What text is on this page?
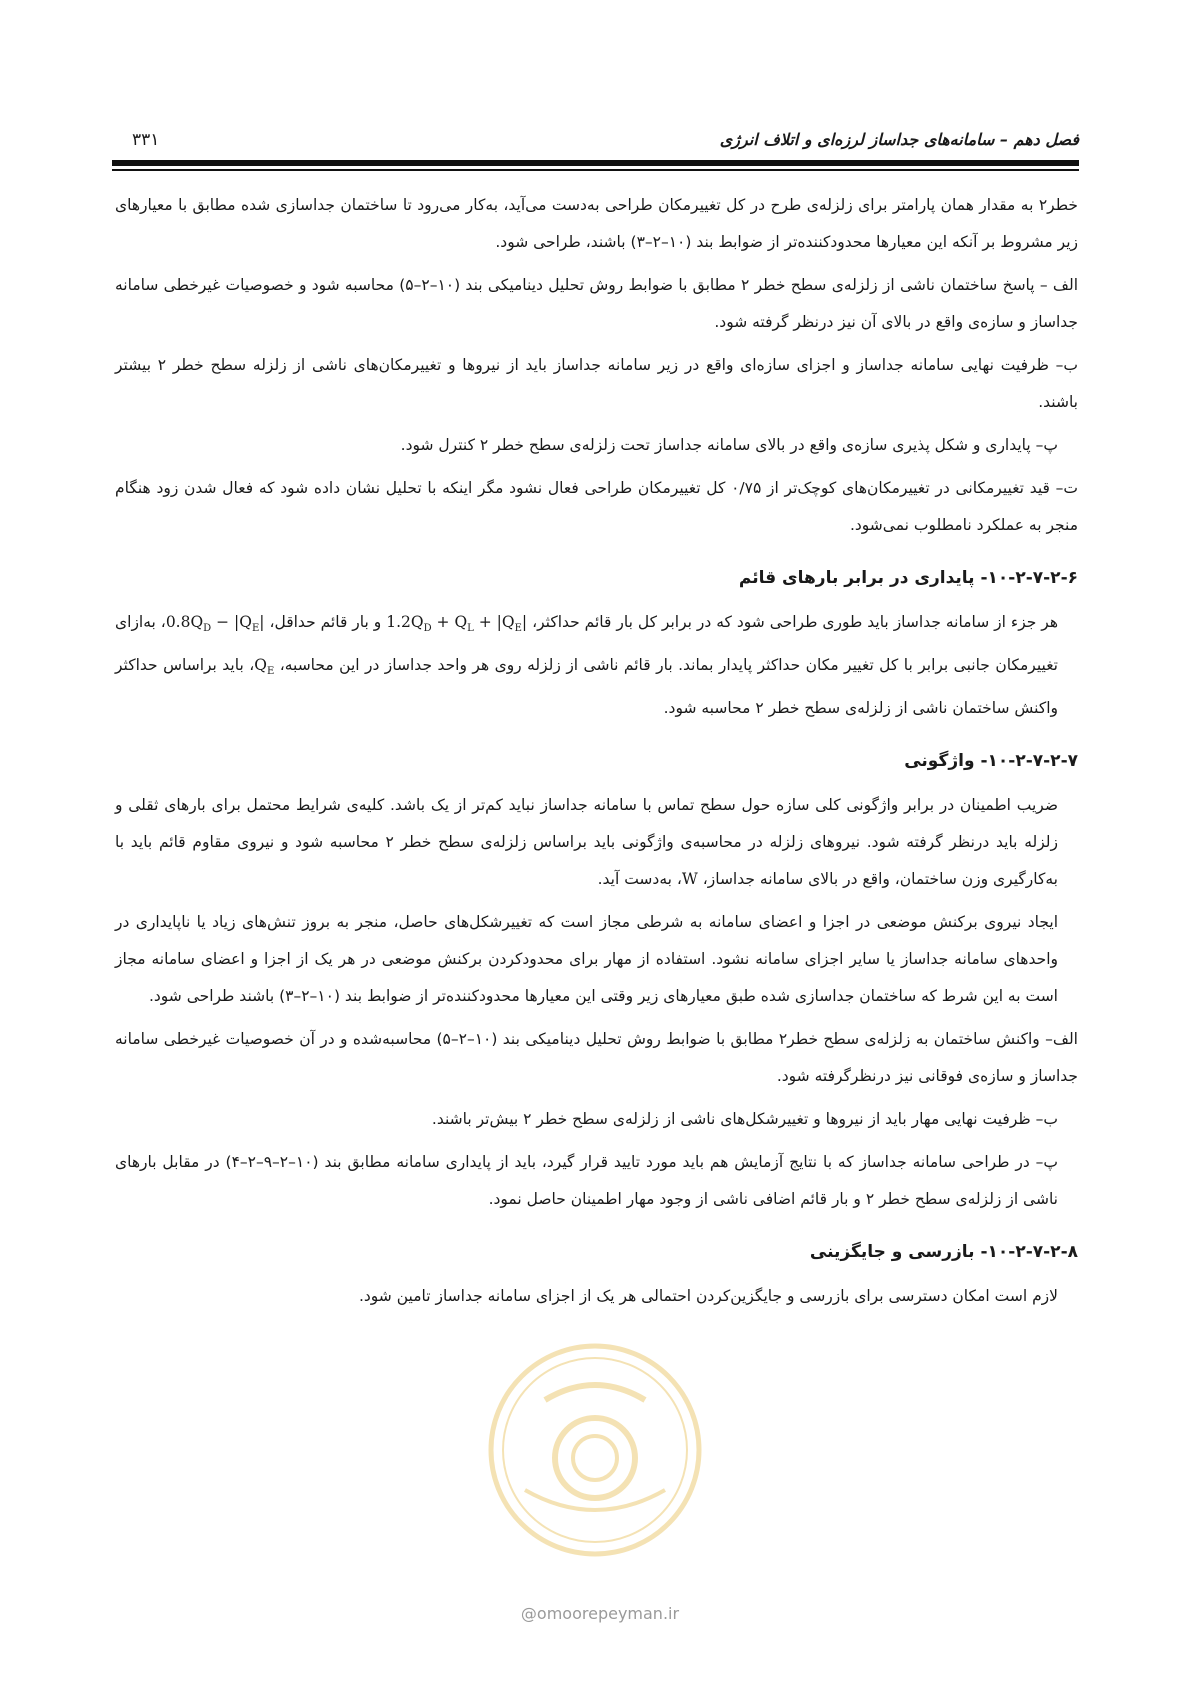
فصل دهم – سامانه‌های جداساز لرزه‌ای و اتلاف انرژی
۳۳۱

خطر۲ به مقدار همان پارامتر برای زلزله‌ی طرح در کل تغییرمکان طراحی به‌دست می‌آید، به‌کار می‌رود تا ساختمان جداسازی شده مطابق با معیارهای زیر مشروط بر آنکه این معیارها محدودکننده‌تر از ضوابط بند (۱۰–۲–۳) باشند، طراحی شود.

الف – پاسخ ساختمان ناشی از زلزله‌ی سطح خطر ۲ مطابق با ضوابط روش تحلیل دینامیکی بند (۱۰–۲–۵) محاسبه شود و خصوصیات غیرخطی سامانه جداساز و سازه‌ی واقع در بالای آن نیز درنظر گرفته شود.

ب– ظرفیت نهایی سامانه جداساز و اجزای سازه‌ای واقع در زیر سامانه جداساز باید از نیروها و تغییرمکان‌های ناشی از زلزله سطح خطر ۲ بیشتر باشند.

پ– پایداری و شکل پذیری سازه‌ی واقع در بالای سامانه جداساز تحت زلزله‌ی سطح خطر ۲ کنترل شود.

ت– قید تغییرمکانی در تغییرمکان‌های کوچک‌تر از ۰/۷۵ کل تغییرمکان طراحی فعال نشود مگر اینکه با تحلیل نشان داده شود که فعال شدن زود هنگام منجر به عملکرد نامطلوب نمی‌شود.

۱۰-۲-۷-۲-۶- پایداری در برابر بارهای قائم

هر جزء از سامانه جداساز باید طوری طراحی شود که در برابر کل بار قائم حداکثر، $1.2Q_D + Q_L + |Q_E|$ و بار قائم حداقل، $0.8Q_D$ − $|Q_E|،$ به‌ازای تغییرمکان جانبی برابر با کل تغییر مکان حداکثر پایدار بماند. بار قائم ناشی از زلزله روی هر واحد جداساز در این محاسبه، $Q_E،$ باید براساس حداکثر واکنش ساختمان ناشی از زلزله‌ی سطح خطر ۲ محاسبه شود.

۱۰-۲-۷-۲-۷- واژگونی

ضریب اطمینان در برابر واژگونی کلی سازه حول سطح تماس با سامانه جداساز نباید کم‌تر از یک باشد. کلیه‌ی شرایط محتمل برای بارهای ثقلی و زلزله باید درنظر گرفته شود. نیروهای زلزله در محاسبه‌ی واژگونی باید براساس زلزله‌ی سطح خطر ۲ محاسبه شود و نیروی مقاوم قائم باید با به‌کارگیری وزن ساختمان، واقع در بالای سامانه جداساز، W، به‌دست آید.

ایجاد نیروی برکنش موضعی در اجزا و اعضای سامانه به شرطی مجاز است که تغییرشکل‌های حاصل، منجر به بروز تنش‌های زیاد یا ناپایداری در واحدهای سامانه جداساز یا سایر اجزای سامانه نشود. استفاده از مهار برای محدودکردن برکنش موضعی در هر یک از اجزا و اعضای سامانه مجاز است به این شرط که ساختمان جداسازی شده طبق معیارهای زیر وقتی این معیارها محدودکننده‌تر از ضوابط بند (۱۰–۲–۳) باشند طراحی شود.

الف– واکنش ساختمان به زلزله‌ی سطح خطر۲ مطابق با ضوابط روش تحلیل دینامیکی بند (۱۰–۲–۵) محاسبه‌شده و در آن خصوصیات غیرخطی سامانه جداساز و سازه‌ی فوقانی نیز درنظرگرفته شود.

ب– ظرفیت نهایی مهار باید از نیروها و تغییرشکل‌های ناشی از زلزله‌ی سطح خطر ۲ بیش‌تر باشند.

پ– در طراحی سامانه جداساز که با نتایج آزمایش هم باید مورد تایید قرار گیرد، باید از پایداری سامانه مطابق بند (۱۰–۲–۹–۲–۴) در مقابل بارهای ناشی از زلزله‌ی سطح خطر ۲ و بار قائم اضافی ناشی از وجود مهار اطمینان حاصل نمود.

۱۰-۲-۷-۲-۸- بازرسی و جایگزینی

لازم است امکان دسترسی برای بازرسی و جایگزین‌کردن احتمالی هر یک از اجزای سامانه جداساز تامین شود.

@omoorepeyman.ir
